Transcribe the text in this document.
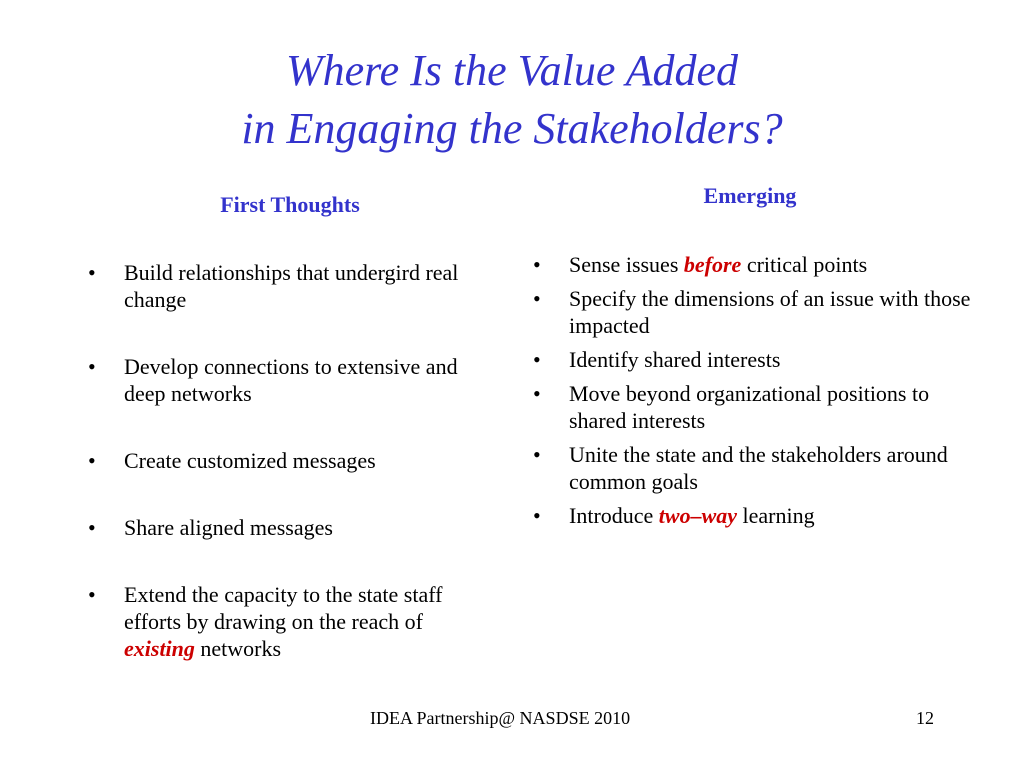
Where Is the Value Added
in Engaging the Stakeholders?
First Thoughts	Emerging
• Build relationships that undergird real change
• Develop connections to extensive and deep networks
• Create customized messages
• Share aligned messages
• Extend the capacity to the state staff efforts by drawing on the reach of existing networks
• Sense issues before critical points
• Specify the dimensions of an issue with those impacted
• Identify shared interests
• Move beyond organizational positions to shared interests
• Unite the state and the stakeholders around common goals
• Introduce two–way learning
IDEA Partnership@ NASDSE 2010	12
